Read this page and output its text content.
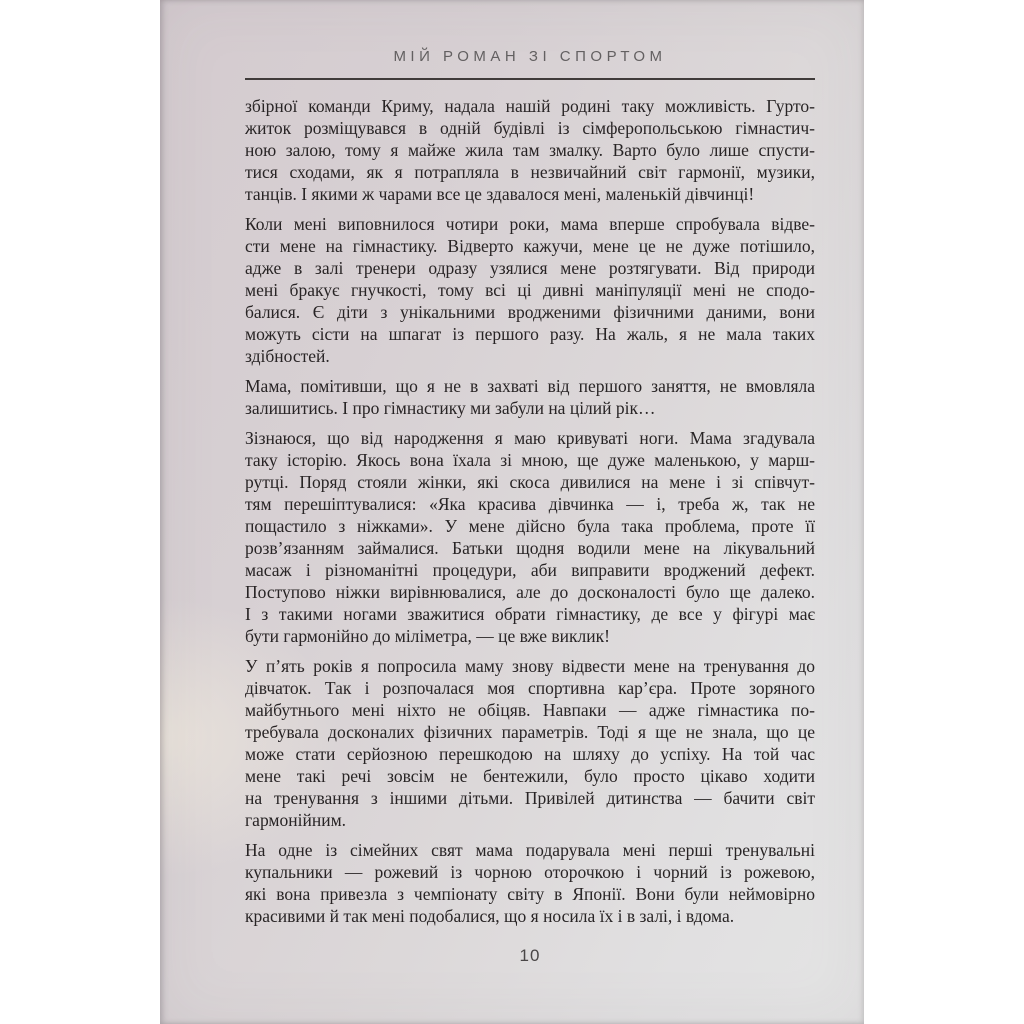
МІЙ РОМАН ЗІ СПОРТОМ

збірної команди Криму, надала нашій родині таку можливість. Гурто-
житок розміщувався в одній будівлі із сімферопольською гімнастич-
ною залою, тому я майже жила там змалку. Варто було лише спусти-
тися сходами, як я потрапляла в незвичайний світ гармонії, музики,
танців. І якими ж чарами все це здавалося мені, маленькій дівчинці!

Коли мені виповнилося чотири роки, мама вперше спробувала відве-
сти мене на гімнастику. Відверто кажучи, мене це не дуже потішило,
адже в залі тренери одразу узялися мене розтягувати. Від природи
мені бракує гнучкості, тому всі ці дивні маніпуляції мені не сподо-
балися. Є діти з унікальними вродженими фізичними даними, вони
можуть сісти на шпагат із першого разу. На жаль, я не мала таких
здібностей.

Мама, помітивши, що я не в захваті від першого заняття, не вмовляла
залишитись. І про гімнастику ми забули на цілий рік…

Зізнаюся, що від народження я маю кривуваті ноги. Мама згадувала
таку історію. Якось вона їхала зі мною, ще дуже маленькою, у марш-
рутці. Поряд стояли жінки, які скоса дивилися на мене і зі співчут-
тям перешіптувалися: «Яка красива дівчинка — і, треба ж, так не
пощастило з ніжками». У мене дійсно була така проблема, проте її
розв’язанням займалися. Батьки щодня водили мене на лікувальний
масаж і різноманітні процедури, аби виправити вроджений дефект.
Поступово ніжки вирівнювалися, але до досконалості було ще далеко.
І з такими ногами зважитися обрати гімнастику, де все у фігурі має
бути гармонійно до міліметра, — це вже виклик!

У п’ять років я попросила маму знову відвести мене на тренування до
дівчаток. Так і розпочалася моя спортивна кар’єра. Проте зоряного
майбутнього мені ніхто не обіцяв. Навпаки — адже гімнастика по-
требувала досконалих фізичних параметрів. Тоді я ще не знала, що це
може стати серйозною перешкодою на шляху до успіху. На той час
мене такі речі зовсім не бентежили, було просто цікаво ходити
на тренування з іншими дітьми. Привілей дитинства — бачити світ
гармонійним.

На одне із сімейних свят мама подарувала мені перші тренувальні
купальники — рожевий із чорною оторочкою і чорний із рожевою,
які вона привезла з чемпіонату світу в Японії. Вони були неймовірно
красивими й так мені подобалися, що я носила їх і в залі, і вдома.

10
